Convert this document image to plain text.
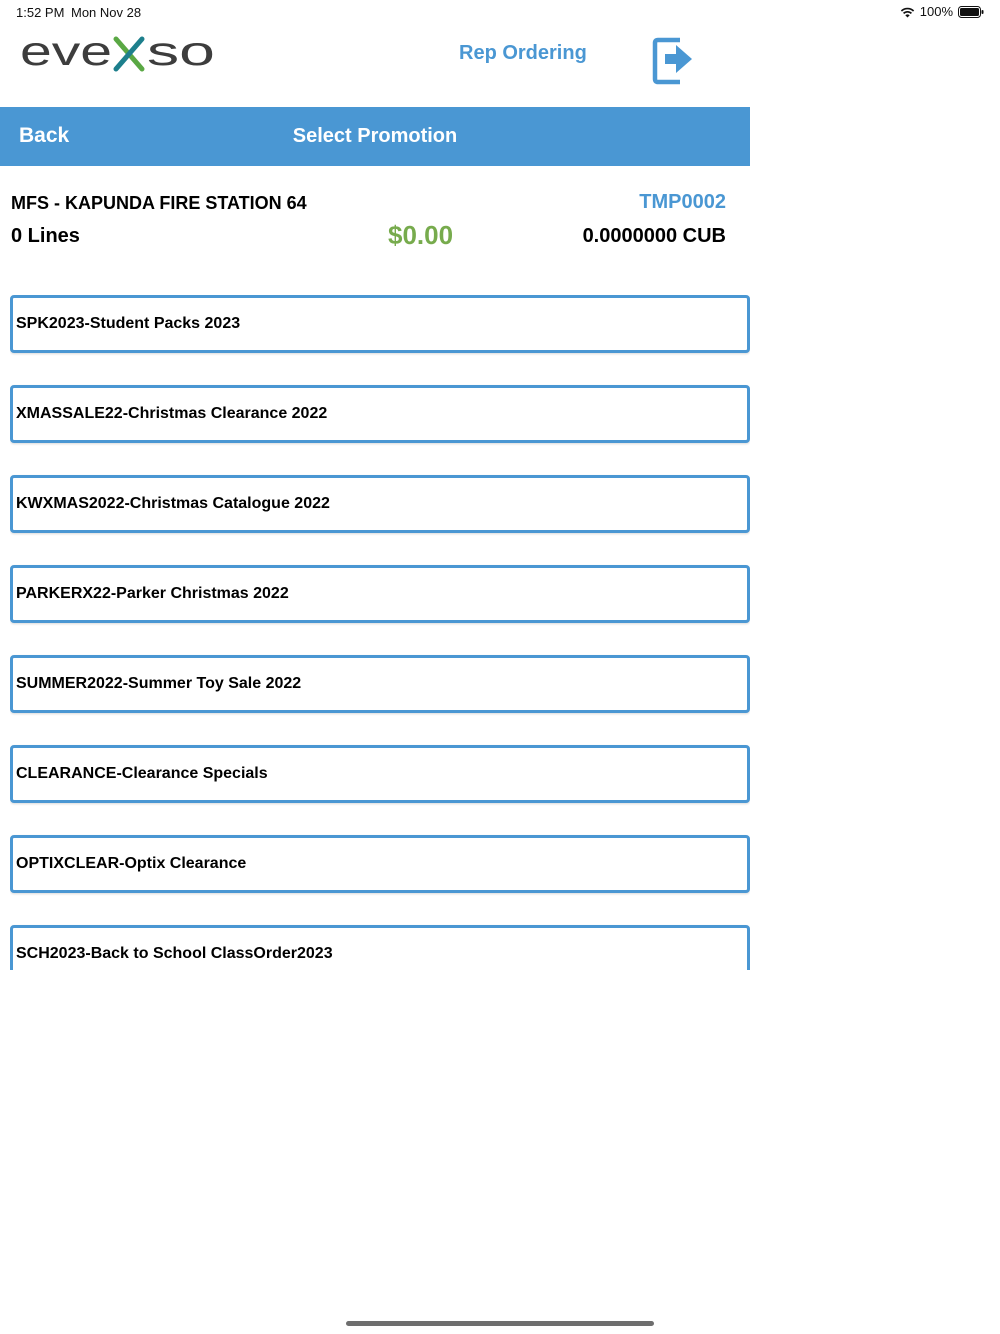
1:52 PM Mon Nov 28	100%
eve so	Rep Ordering
Select Promotion
Back
MFS - KAPUNDA FIRE STATION 64	TMP0002
0 Lines	$0.00	0.0000000 CUB
SPK2023-Student Packs 2023
XMASSALE22-Christmas Clearance 2022
KWXMAS2022-Christmas Catalogue 2022
PARKERX22-Parker Christmas 2022
SUMMER2022-Summer Toy Sale 2022
CLEARANCE-Clearance Specials
OPTIXCLEAR-Optix Clearance
SCH2023-Back to School ClassOrder2023
